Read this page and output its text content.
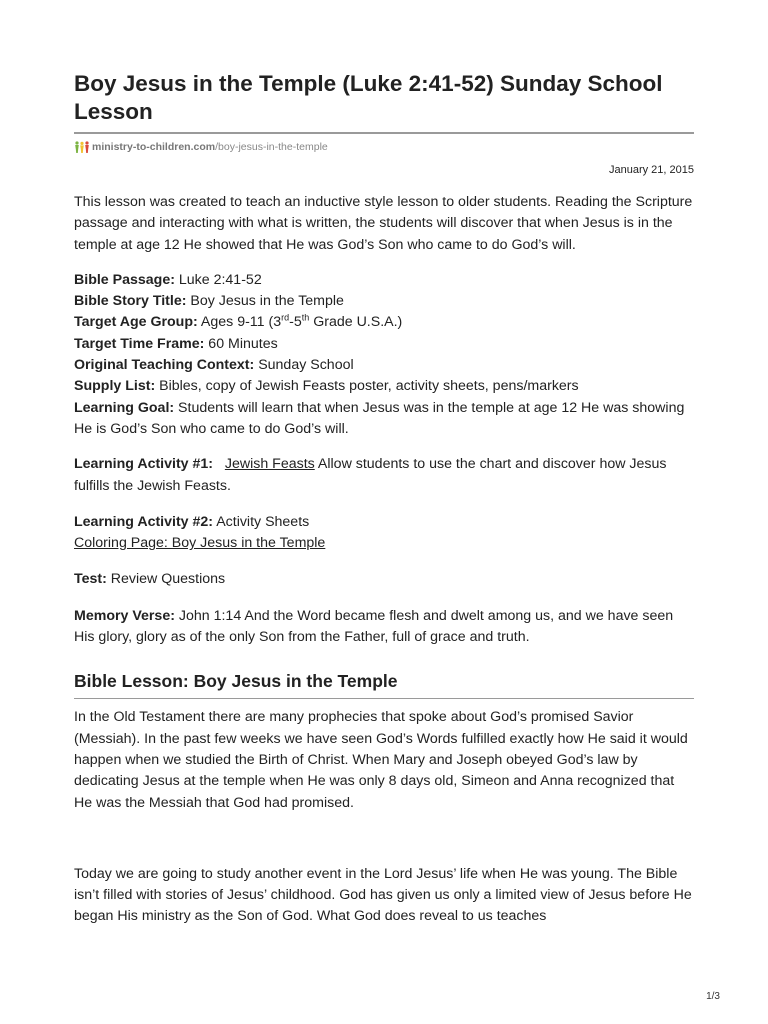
Boy Jesus in the Temple (Luke 2:41-52) Sunday School Lesson
ministry-to-children.com /boy-jesus-in-the-temple
January 21, 2015

This lesson was created to teach an inductive style lesson to older students. Reading the Scripture passage and interacting with what is written, the students will discover that when Jesus is in the temple at age 12 He showed that He was God’s Son who came to do God’s will.

Bible Passage: Luke 2:41-52
Bible Story Title: Boy Jesus in the Temple
Target Age Group: Ages 9-11 (3rd-5th Grade U.S.A.)
Target Time Frame: 60 Minutes
Original Teaching Context: Sunday School
Supply List: Bibles, copy of Jewish Feasts poster, activity sheets, pens/markers
Learning Goal: Students will learn that when Jesus was in the temple at age 12 He was showing He is God’s Son who came to do God’s will.

Learning Activity #1: Jewish Feasts Allow students to use the chart and discover how Jesus fulfills the Jewish Feasts.

Learning Activity #2: Activity Sheets
Coloring Page: Boy Jesus in the Temple

Test: Review Questions

Memory Verse: John 1:14 And the Word became flesh and dwelt among us, and we have seen His glory, glory as of the only Son from the Father, full of grace and truth.

Bible Lesson: Boy Jesus in the Temple

In the Old Testament there are many prophecies that spoke about God’s promised Savior (Messiah). In the past few weeks we have seen God’s Words fulfilled exactly how He said it would happen when we studied the Birth of Christ. When Mary and Joseph obeyed God’s law by dedicating Jesus at the temple when He was only 8 days old, Simeon and Anna recognized that He was the Messiah that God had promised.

Today we are going to study another event in the Lord Jesus’ life when He was young. The Bible isn’t filled with stories of Jesus’ childhood. God has given us only a limited view of Jesus before He began His ministry as the Son of God. What God does reveal to us teaches

1/3
